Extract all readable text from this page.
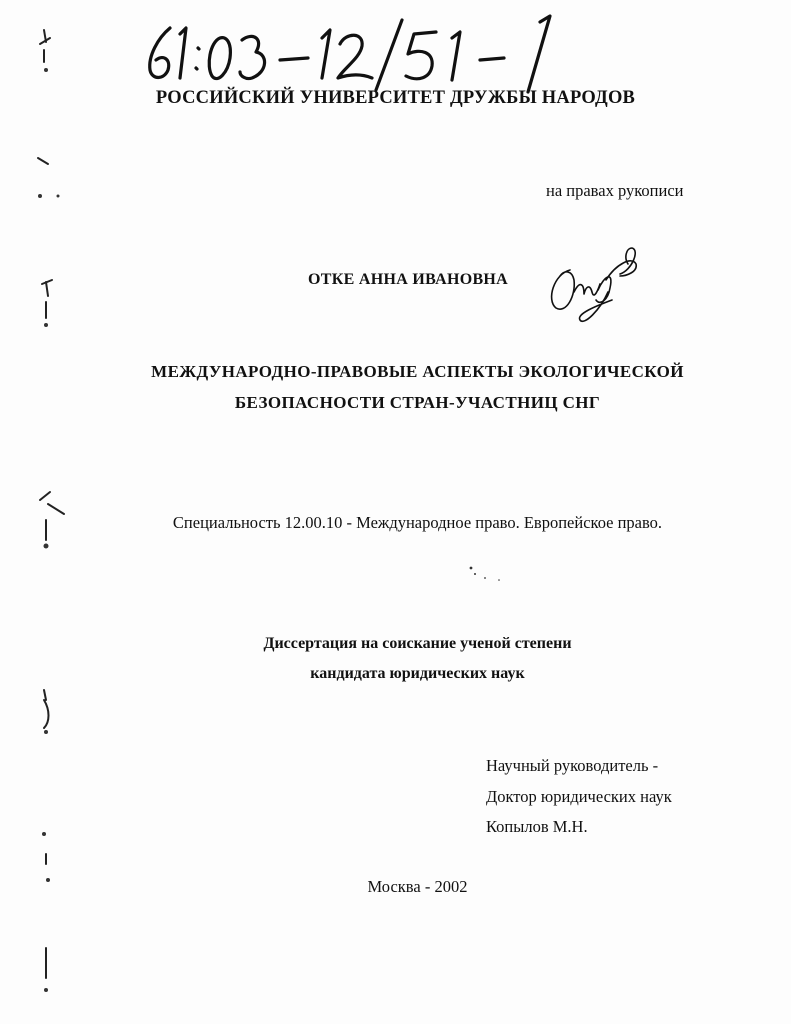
РОССИЙСКИЙ УНИВЕРСИТЕТ ДРУЖБЫ НАРОДОВ
на правах рукописи
ОТКЕ АННА ИВАНОВНА
МЕЖДУНАРОДНО-ПРАВОВЫЕ АСПЕКТЫ ЭКОЛОГИЧЕСКОЙ
БЕЗОПАСНОСТИ СТРАН-УЧАСТНИЦ СНГ
Специальность 12.00.10 - Международное право. Европейское право.
Диссертация на соискание ученой степени
кандидата юридических наук
Научный руководитель -
Доктор юридических наук
Копылов М.Н.
Москва - 2002
